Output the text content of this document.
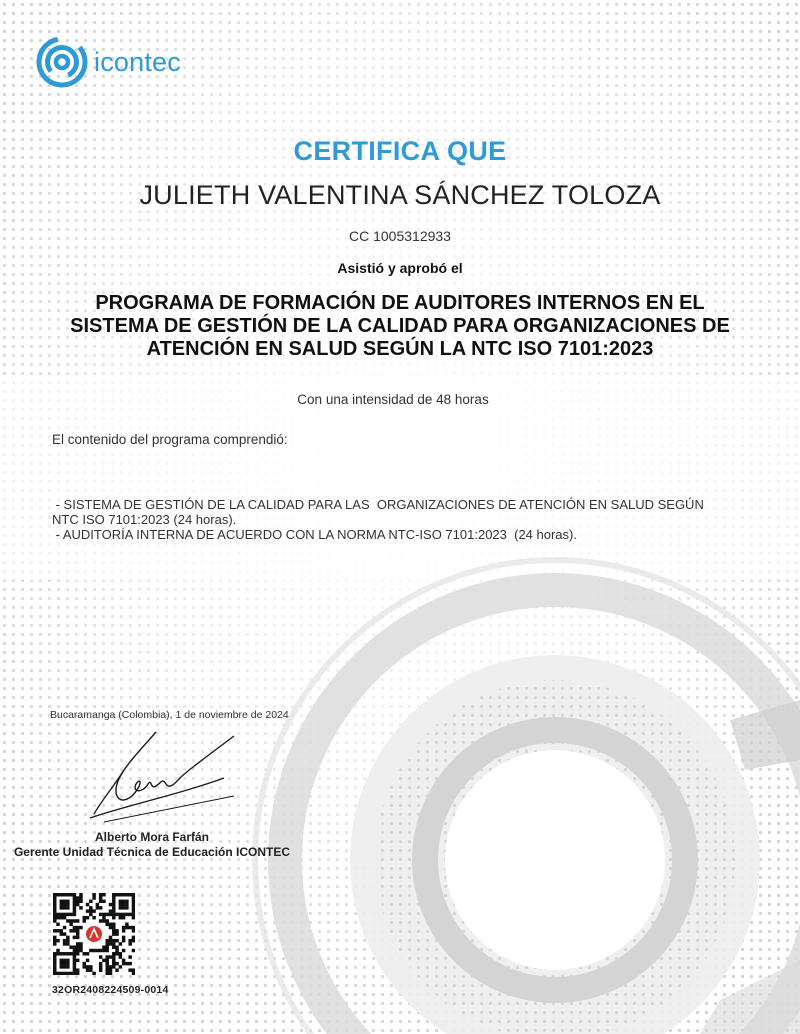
icontec
CERTIFICA QUE
JULIETH VALENTINA SÁNCHEZ TOLOZA
CC 1005312933
Asistió y aprobó el
PROGRAMA DE FORMACIÓN DE AUDITORES INTERNOS EN EL
SISTEMA DE GESTIÓN DE LA CALIDAD PARA ORGANIZACIONES DE
ATENCIÓN EN SALUD SEGÚN LA NTC ISO 7101:2023
Con una intensidad de 48 horas
El contenido del programa comprendió:
- SISTEMA DE GESTIÓN DE LA CALIDAD PARA LAS  ORGANIZACIONES DE ATENCIÓN EN SALUD SEGÚN
NTC ISO 7101:2023 (24 horas).
- AUDITORÍA INTERNA DE ACUERDO CON LA NORMA NTC-ISO 7101:2023  (24 horas).
Bucaramanga (Colombia), 1 de noviembre de 2024
Alberto Mora Farfán
Gerente Unidad Técnica de Educación ICONTEC
32OR2408224509-0014
